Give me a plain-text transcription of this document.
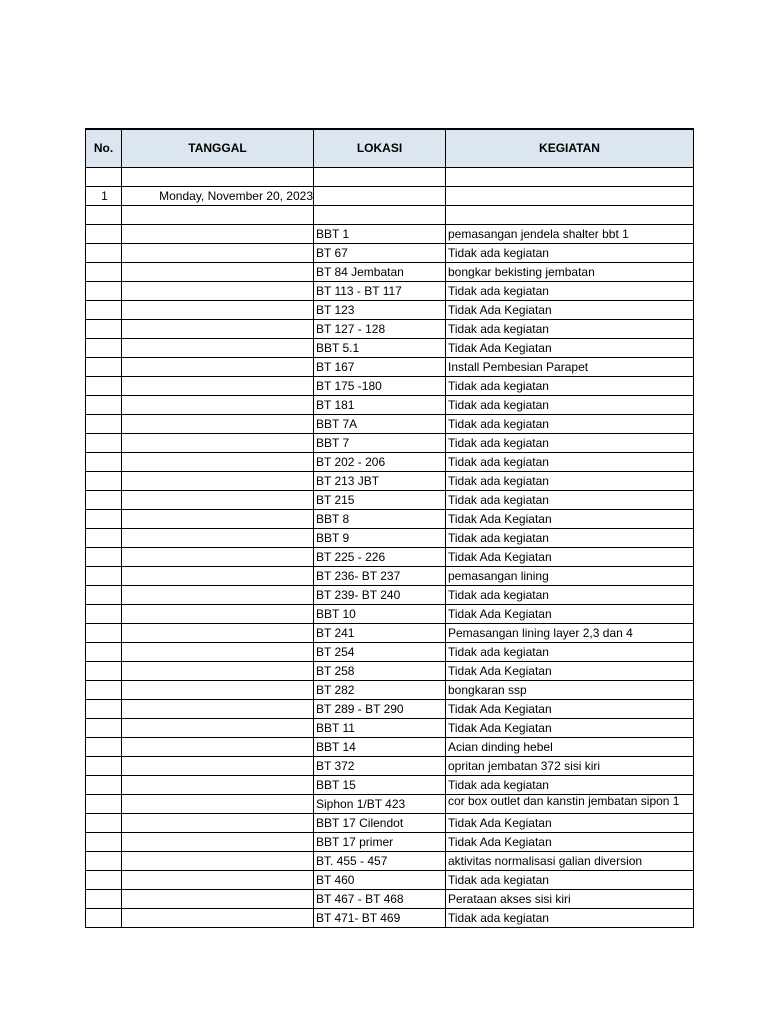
No.	TANGGAL	LOKASI	KEGIATAN

1	Monday, November 20, 2023		

		BBT 1	pemasangan jendela shalter bbt 1
		BT 67	Tidak ada kegiatan
		BT 84 Jembatan	bongkar bekisting jembatan
		BT 113 - BT 117	Tidak ada kegiatan
		BT 123	Tidak Ada Kegiatan
		BT 127 - 128	Tidak ada kegiatan
		BBT 5.1	Tidak Ada Kegiatan
		BT 167	Install Pembesian Parapet
		BT 175 -180	Tidak ada kegiatan
		BT 181	Tidak ada kegiatan
		BBT 7A	Tidak ada kegiatan
		BBT 7	Tidak ada kegiatan
		BT 202 - 206	Tidak ada kegiatan
		BT 213 JBT	Tidak ada kegiatan
		BT 215	Tidak ada kegiatan
		BBT 8	Tidak Ada Kegiatan
		BBT 9	Tidak ada kegiatan
		BT 225 - 226	Tidak Ada Kegiatan
		BT 236- BT 237	pemasangan lining
		BT 239- BT 240	Tidak ada kegiatan
		BBT 10	Tidak Ada Kegiatan
		BT 241	Pemasangan lining layer 2,3 dan 4
		BT 254	Tidak ada kegiatan
		BT 258	Tidak Ada Kegiatan
		BT 282	bongkaran ssp
		BT 289 - BT 290	Tidak Ada Kegiatan
		BBT 11	Tidak Ada Kegiatan
		BBT 14	Acian dinding hebel
		BT 372	opritan jembatan 372 sisi kiri
		BBT 15	Tidak ada kegiatan
		Siphon 1/BT 423	cor box outlet dan kanstin jembatan sipon 1
		BBT 17 Cilendot	Tidak Ada Kegiatan
		BBT 17 primer	Tidak Ada Kegiatan
		BT. 455 - 457	aktivitas normalisasi galian diversion
		BT 460	Tidak ada kegiatan
		BT 467 - BT 468	Perataan akses sisi kiri
		BT 471- BT 469	Tidak ada kegiatan
